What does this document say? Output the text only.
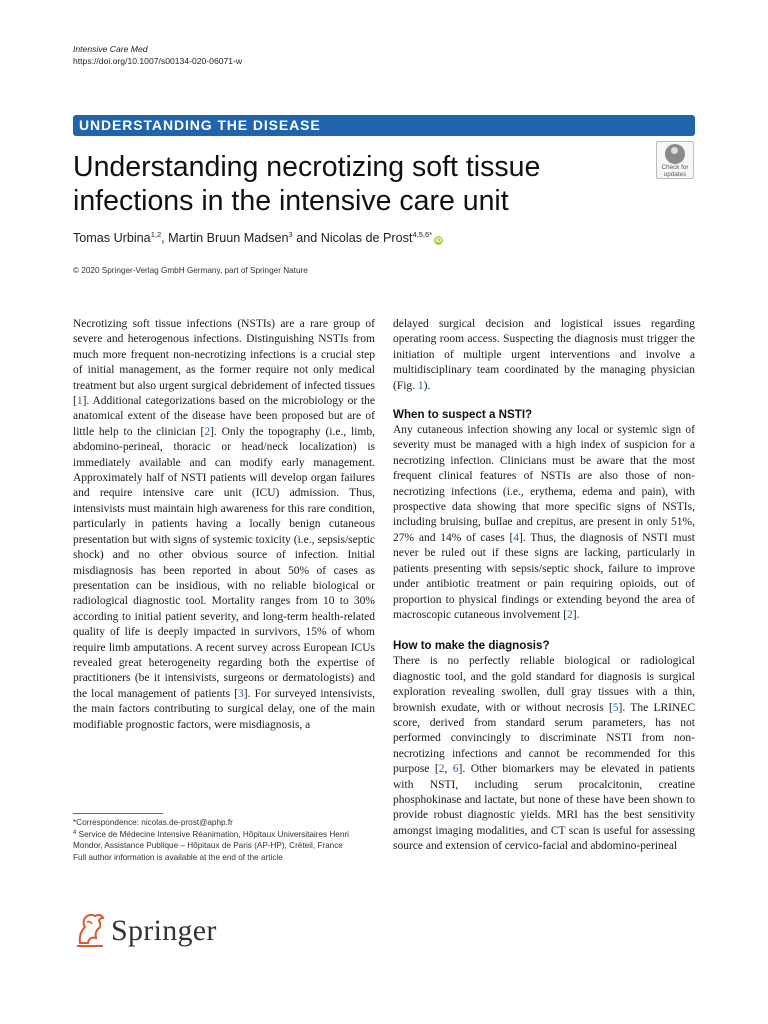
Intensive Care Med
https://doi.org/10.1007/s00134-020-06071-w
UNDERSTANDING THE DISEASE
Check for
updates
Understanding necrotizing soft tissue infections in the intensive care unit
Tomas Urbina$^{1,2}$, Martin Bruun Madsen$^3$ and Nicolas de Prost$^{4,5,6*}$iD
© 2020 Springer-Verlag GmbH Germany, part of Springer Nature

Necrotizing soft tissue infections (NSTIs) are a rare group of severe and heterogenous infections. Distinguishing NSTIs from much more frequent non-necrotizing infections is a crucial step of initial management, as the former require not only medical treatment but also urgent surgical debridement of infected tissues [1]. Additional categorizations based on the microbiology or the anatomical extent of the disease have been proposed but are of little help to the clinician [2]. Only the topography (i.e., limb, abdomino-perineal, thoracic or head/neck localization) is immediately available and can modify early management. Approximately half of NSTI patients will develop organ failures and require intensive care unit (ICU) admission. Thus, intensivists must maintain high awareness for this rare condition, particularly in patients having a locally benign cutaneous presentation but with signs of systemic toxicity (i.e., sepsis/septic shock) and no other obvious source of infection. Initial misdiagnosis has been reported in about 50% of cases as presentation can be insidious, with no reliable biological or radiological diagnostic tool. Mortality ranges from 10 to 30% according to initial patient severity, and long-term health-related quality of life is deeply impacted in survivors, 15% of whom require limb amputations. A recent survey across European ICUs revealed great heterogeneity regarding both the expertise of practitioners (be it intensivists, surgeons or dermatologists) and the local management of patients [3]. For surveyed intensivists, the main factors contributing to surgical delay, one of the main modifiable prognostic factors, were misdiagnosis, a

delayed surgical decision and logistical issues regarding operating room access. Suspecting the diagnosis must trigger the initiation of multiple urgent interventions and involve a multidisciplinary team coordinated by the managing physician (Fig. 1).

When to suspect a NSTI?

Any cutaneous infection showing any local or systemic sign of severity must be managed with a high index of suspicion for a necrotizing infection. Clinicians must be aware that the most frequent clinical features of NSTIs are also those of non-necrotizing infections (i.e., erythema, edema and pain), with prospective data showing that more specific signs of NSTIs, including bruising, bullae and crepitus, are present in only 51%, 27% and 14% of cases [4]. Thus, the diagnosis of NSTI must never be ruled out if these signs are lacking, particularly in patients presenting with sepsis/septic shock, failure to improve under antibiotic treatment or pain requiring opioids, out of proportion to physical findings or extending beyond the area of macroscopic cutaneous involvement [2].

How to make the diagnosis?

There is no perfectly reliable biological or radiological diagnostic tool, and the gold standard for diagnosis is surgical exploration revealing swollen, dull gray tissues with a thin, brownish exudate, with or without necrosis [5]. The LRINEC score, derived from standard serum parameters, has not performed convincingly to discriminate NSTI from non-necrotizing infections and cannot be recommended for this purpose [2, 6]. Other biomarkers may be elevated in patients with NSTI, including serum procalcitonin, creatine phosphokinase and lactate, but none of these have been shown to provide robust diagnostic yields. MRI has the best sensitivity amongst imaging modalities, and CT scan is useful for assessing source and extension of cervico-facial and abdomino-perineal

*Correspondence: nicolas.de-prost@aphp.fr
$^4$ Service de Médecine Intensive Réanimation, Hôpitaux Universitaires Henri Mondor, Assistance Publique – Hôpitaux de Paris (AP-HP), Créteil, France
Full author information is available at the end of the article
Springer
